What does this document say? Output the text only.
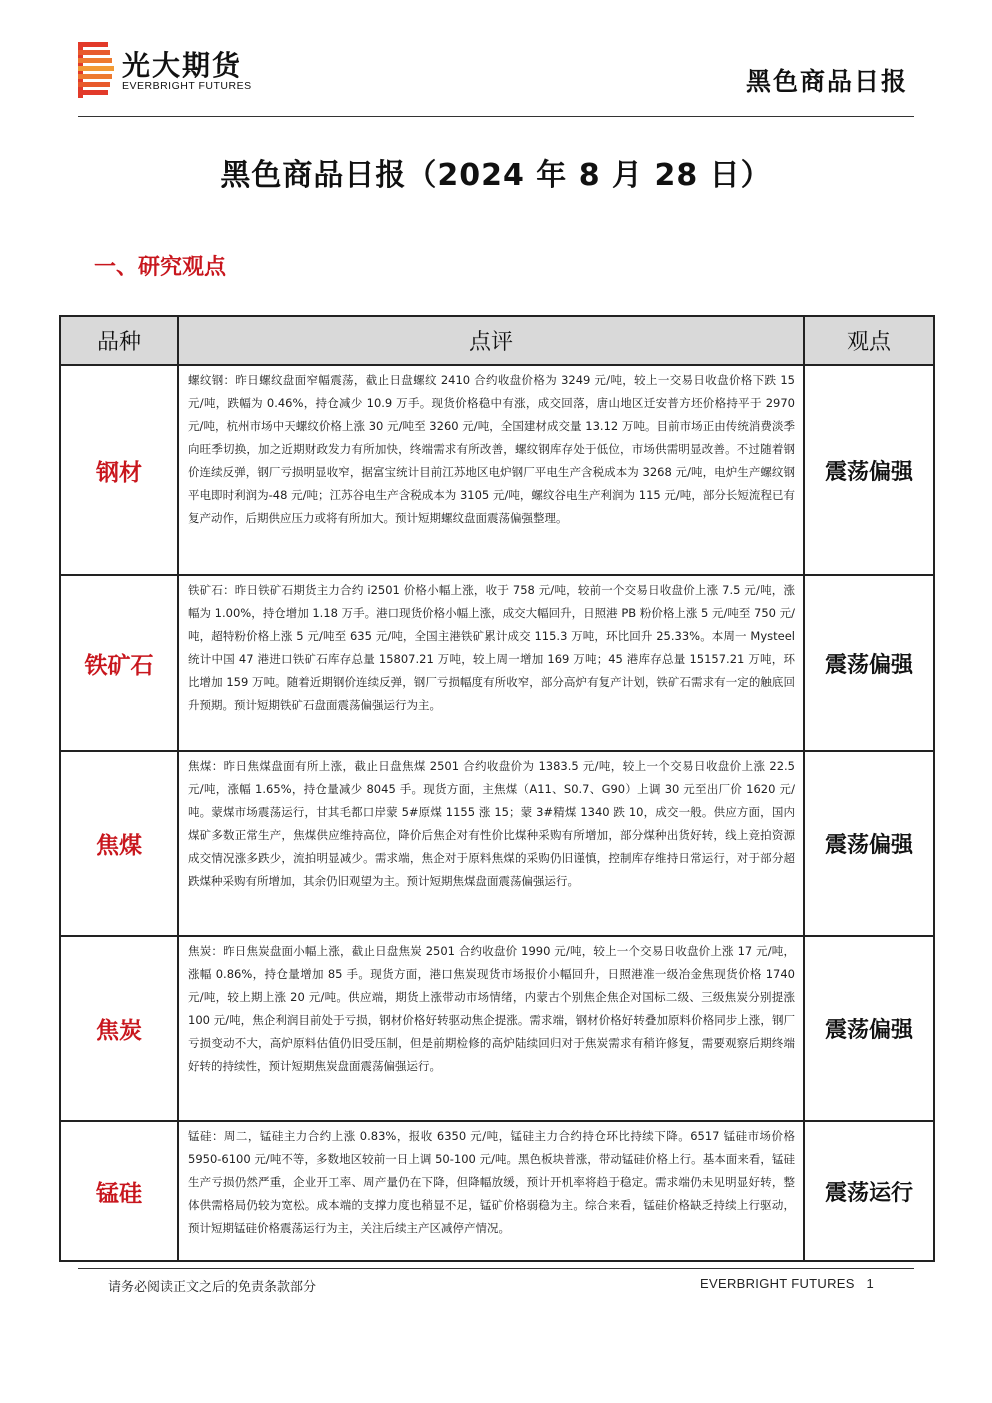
光大期货
EVERBRIGHT FUTURES	黑色商品日报
黑色商品日报（2024 年 8 月 28 日）
一、研究观点
品种	点评	观点
钢材	螺纹钢：昨日螺纹盘面窄幅震荡，截止日盘螺纹 2410 合约收盘价格为 3249 元/吨，较上一交易日收盘价格下跌 15 元/吨，跌幅为 0.46%，持仓减少 10.9 万手。现货价格稳中有涨，成交回落，唐山地区迁安普方坯价格持平于 2970 元/吨，杭州市场中天螺纹价格上涨 30 元/吨至 3260 元/吨，全国建材成交量 13.12 万吨。目前市场正由传统消费淡季向旺季切换，加之近期财政发力有所加快，终端需求有所改善，螺纹钢库存处于低位，市场供需明显改善。不过随着钢价连续反弹，钢厂亏损明显收窄，据富宝统计目前江苏地区电炉钢厂平电生产含税成本为 3268 元/吨，电炉生产螺纹钢平电即时利润为-48 元/吨；江苏谷电生产含税成本为 3105 元/吨，螺纹谷电生产利润为 115 元/吨，部分长短流程已有复产动作，后期供应压力或将有所加大。预计短期螺纹盘面震荡偏强整理。	震荡偏强
铁矿石	铁矿石：昨日铁矿石期货主力合约 i2501 价格小幅上涨，收于 758 元/吨，较前一个交易日收盘价上涨 7.5 元/吨，涨幅为 1.00%，持仓增加 1.18 万手。港口现货价格小幅上涨，成交大幅回升，日照港 PB 粉价格上涨 5 元/吨至 750 元/吨，超特粉价格上涨 5 元/吨至 635 元/吨，全国主港铁矿累计成交 115.3 万吨，环比回升 25.33%。本周一 Mysteel 统计中国 47 港进口铁矿石库存总量 15807.21 万吨，较上周一增加 169 万吨；45 港库存总量 15157.21 万吨，环比增加 159 万吨。随着近期钢价连续反弹，钢厂亏损幅度有所收窄，部分高炉有复产计划，铁矿石需求有一定的触底回升预期。预计短期铁矿石盘面震荡偏强运行为主。	震荡偏强
焦煤	焦煤：昨日焦煤盘面有所上涨，截止日盘焦煤 2501 合约收盘价为 1383.5 元/吨，较上一个交易日收盘价上涨 22.5 元/吨，涨幅 1.65%，持仓量减少 8045 手。现货方面，主焦煤（A11、S0.7、G90）上调 30 元至出厂价 1620 元/吨。蒙煤市场震荡运行，甘其毛都口岸蒙 5#原煤 1155 涨 15；蒙 3#精煤 1340 跌 10，成交一般。供应方面，国内煤矿多数正常生产，焦煤供应维持高位，降价后焦企对有性价比煤种采购有所增加，部分煤种出货好转，线上竞拍资源成交情况涨多跌少，流拍明显减少。需求端，焦企对于原料焦煤的采购仍旧谨慎，控制库存维持日常运行，对于部分超跌煤种采购有所增加，其余仍旧观望为主。预计短期焦煤盘面震荡偏强运行。	震荡偏强
焦炭	焦炭：昨日焦炭盘面小幅上涨，截止日盘焦炭 2501 合约收盘价 1990 元/吨，较上一个交易日收盘价上涨 17 元/吨，涨幅 0.86%，持仓量增加 85 手。现货方面，港口焦炭现货市场报价小幅回升，日照港准一级冶金焦现货价格 1740 元/吨，较上期上涨 20 元/吨。供应端，期货上涨带动市场情绪，内蒙古个别焦企焦企对国标二级、三级焦炭分别提涨 100 元/吨，焦企利润目前处于亏损，钢材价格好转驱动焦企提涨。需求端，钢材价格好转叠加原料价格同步上涨，钢厂亏损变动不大，高炉原料估值仍旧受压制，但是前期检修的高炉陆续回归对于焦炭需求有稍许修复，需要观察后期终端好转的持续性，预计短期焦炭盘面震荡偏强运行。	震荡偏强
锰硅	锰硅：周二，锰硅主力合约上涨 0.83%，报收 6350 元/吨，锰硅主力合约持仓环比持续下降。6517 锰硅市场价格 5950-6100 元/吨不等，多数地区较前一日上调 50-100 元/吨。黑色板块普涨，带动锰硅价格上行。基本面来看，锰硅生产亏损仍然严重，企业开工率、周产量仍在下降，但降幅放缓，预计开机率将趋于稳定。需求端仍未见明显好转，整体供需格局仍较为宽松。成本端的支撑力度也稍显不足，锰矿价格弱稳为主。综合来看，锰硅价格缺乏持续上行驱动，预计短期锰硅价格震荡运行为主，关注后续主产区减停产情况。	震荡运行
请务必阅读正文之后的免责条款部分	EVERBRIGHT FUTURES 1
